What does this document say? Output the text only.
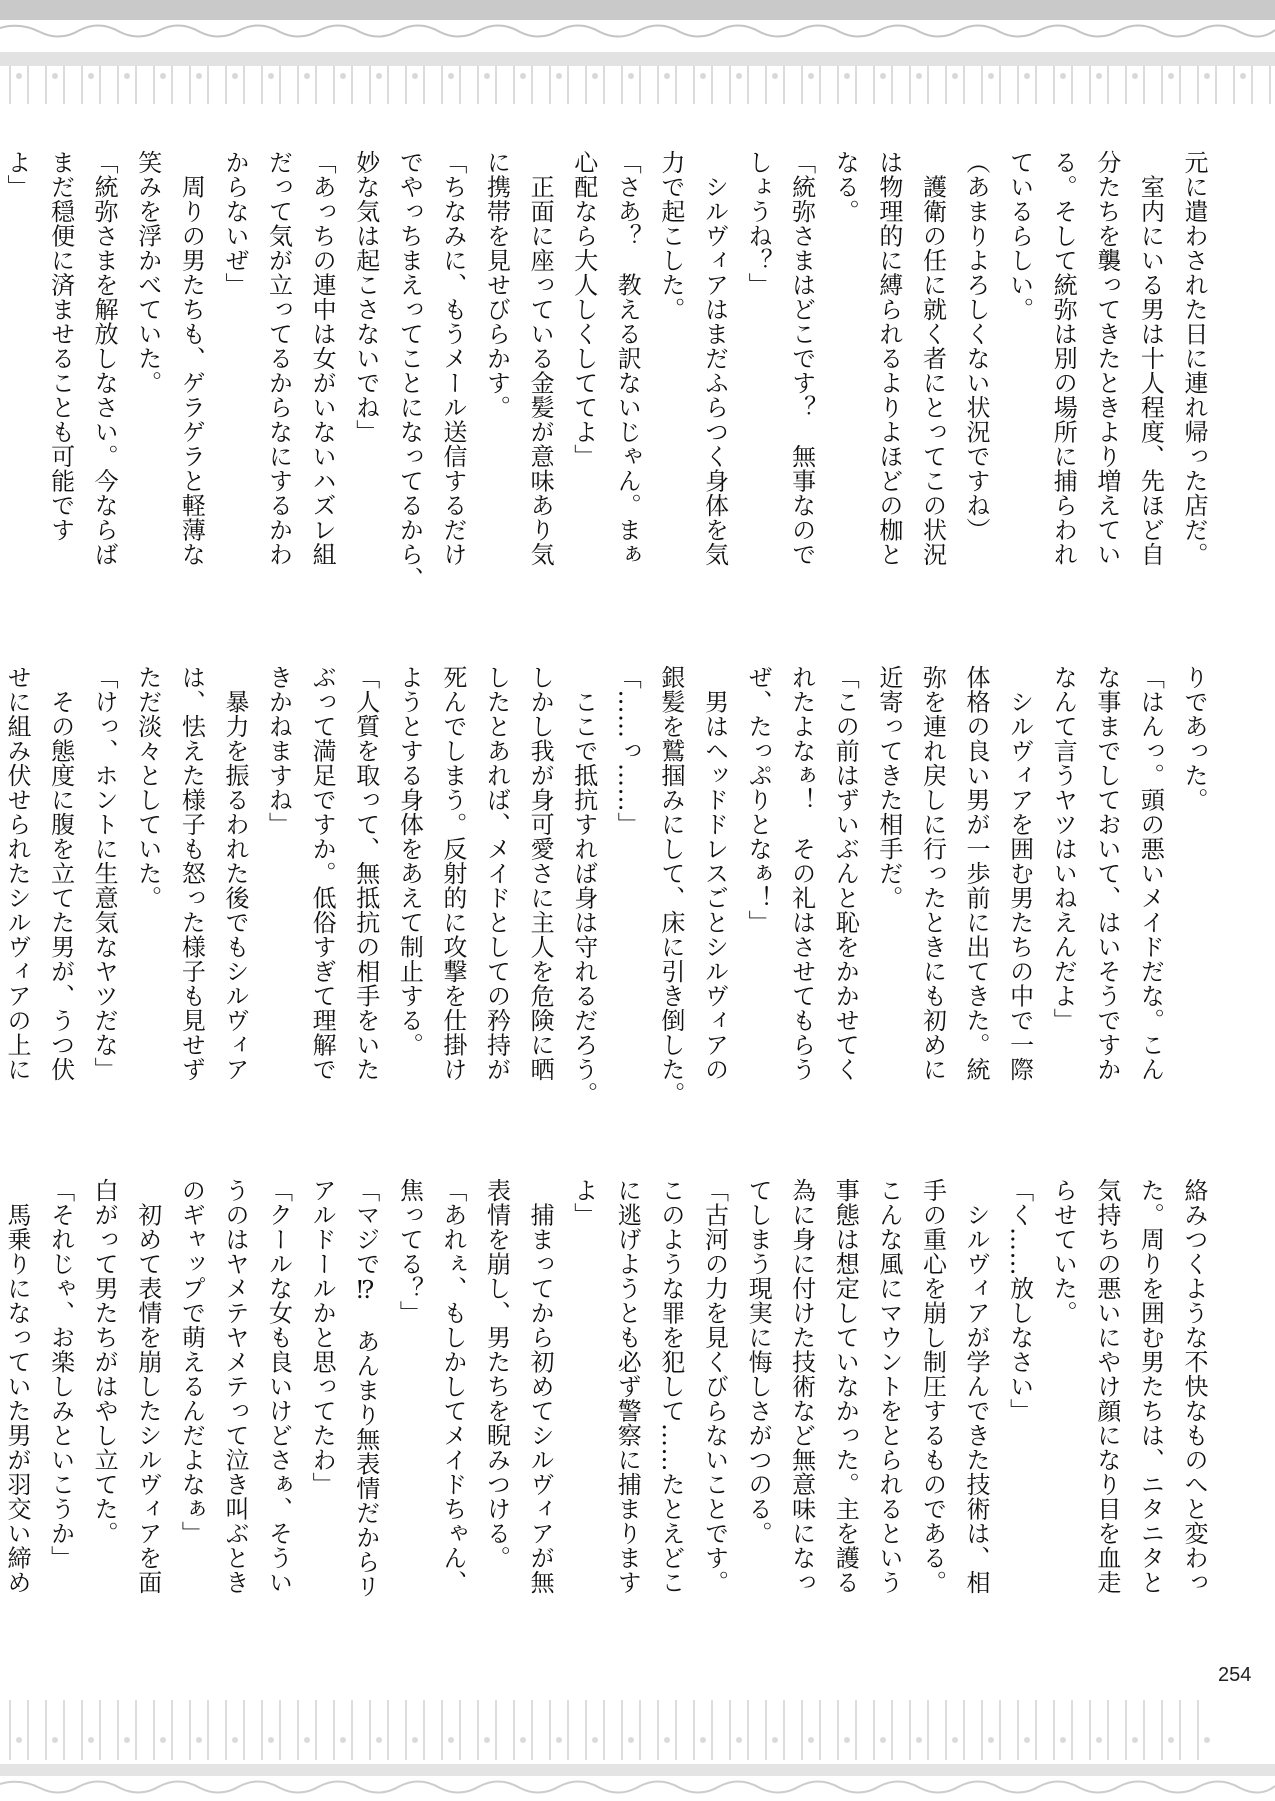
元に遣わされた日に連れ帰った店だ。
　室内にいる男は十人程度、先ほど自
分たちを襲ってきたときより増えてい
る。そして統弥は別の場所に捕らわれ
ているらしい。
（あまりよろしくない状況ですね）
　護衛の任に就く者にとってこの状況
は物理的に縛られるよりよほどの枷と
なる。
「統弥さまはどこです？　無事なので
しょうね？」
　シルヴィアはまだふらつく身体を気
力で起こした。
「さあ？　教える訳ないじゃん。まぁ
心配なら大人しくしててよ」
　正面に座っている金髪が意味あり気
に携帯を見せびらかす。
「ちなみに、もうメール送信するだけ
でやっちまえってことになってるから、
妙な気は起こさないでね」
「あっちの連中は女がいないハズレ組
だって気が立ってるからなにするかわ
からないぜ」
　周りの男たちも、ゲラゲラと軽薄な
笑みを浮かべていた。
「統弥さまを解放しなさい。今ならば
まだ穏便に済ませることも可能です
よ」
りであった。
「はんっ。頭の悪いメイドだな。こん
な事までしておいて、はいそうですか
なんて言うヤツはいねえんだよ」
　シルヴィアを囲む男たちの中で一際
体格の良い男が一歩前に出てきた。統
弥を連れ戻しに行ったときにも初めに
近寄ってきた相手だ。
「この前はずいぶんと恥をかかせてく
れたよなぁ！　その礼はさせてもらう
ぜ、たっぷりとなぁ！」
　男はヘッドドレスごとシルヴィアの
銀髪を鷲掴みにして、床に引き倒した。
「……っ……」
　ここで抵抗すれば身は守れるだろう。
しかし我が身可愛さに主人を危険に晒
したとあれば、メイドとしての矜持が
死んでしまう。反射的に攻撃を仕掛け
ようとする身体をあえて制止する。
「人質を取って、無抵抗の相手をいた
ぶって満足ですか。低俗すぎて理解で
きかねますね」
　暴力を振るわれた後でもシルヴィア
は、怯えた様子も怒った様子も見せず
ただ淡々としていた。
「けっ、ホントに生意気なヤツだな」
　その態度に腹を立てた男が、うつ伏
せに組み伏せられたシルヴィアの上に
絡みつくような不快なものへと変わっ
た。周りを囲む男たちは、ニタニタと
気持ちの悪いにやけ顔になり目を血走
らせていた。
「く……放しなさい」
　シルヴィアが学んできた技術は、相
手の重心を崩し制圧するものである。
こんな風にマウントをとられるという
事態は想定していなかった。主を護る
為に身に付けた技術など無意味になっ
てしまう現実に悔しさがつのる。
「古河の力を見くびらないことです。
このような罪を犯して……たとえどこ
に逃げようとも必ず警察に捕まります
よ」
　捕まってから初めてシルヴィアが無
表情を崩し、男たちを睨みつける。
「あれぇ、もしかしてメイドちゃん、
焦ってる？」
「マジで⁉　あんまり無表情だからリ
アルドールかと思ってたわ」
「クールな女も良いけどさぁ、そうい
うのはヤメテヤメテって泣き叫ぶとき
のギャップで萌えるんだよなぁ」
　初めて表情を崩したシルヴィアを面
白がって男たちがはやし立てた。
「それじゃ、お楽しみといこうか」
　馬乗りになっていた男が羽交い締め
254
